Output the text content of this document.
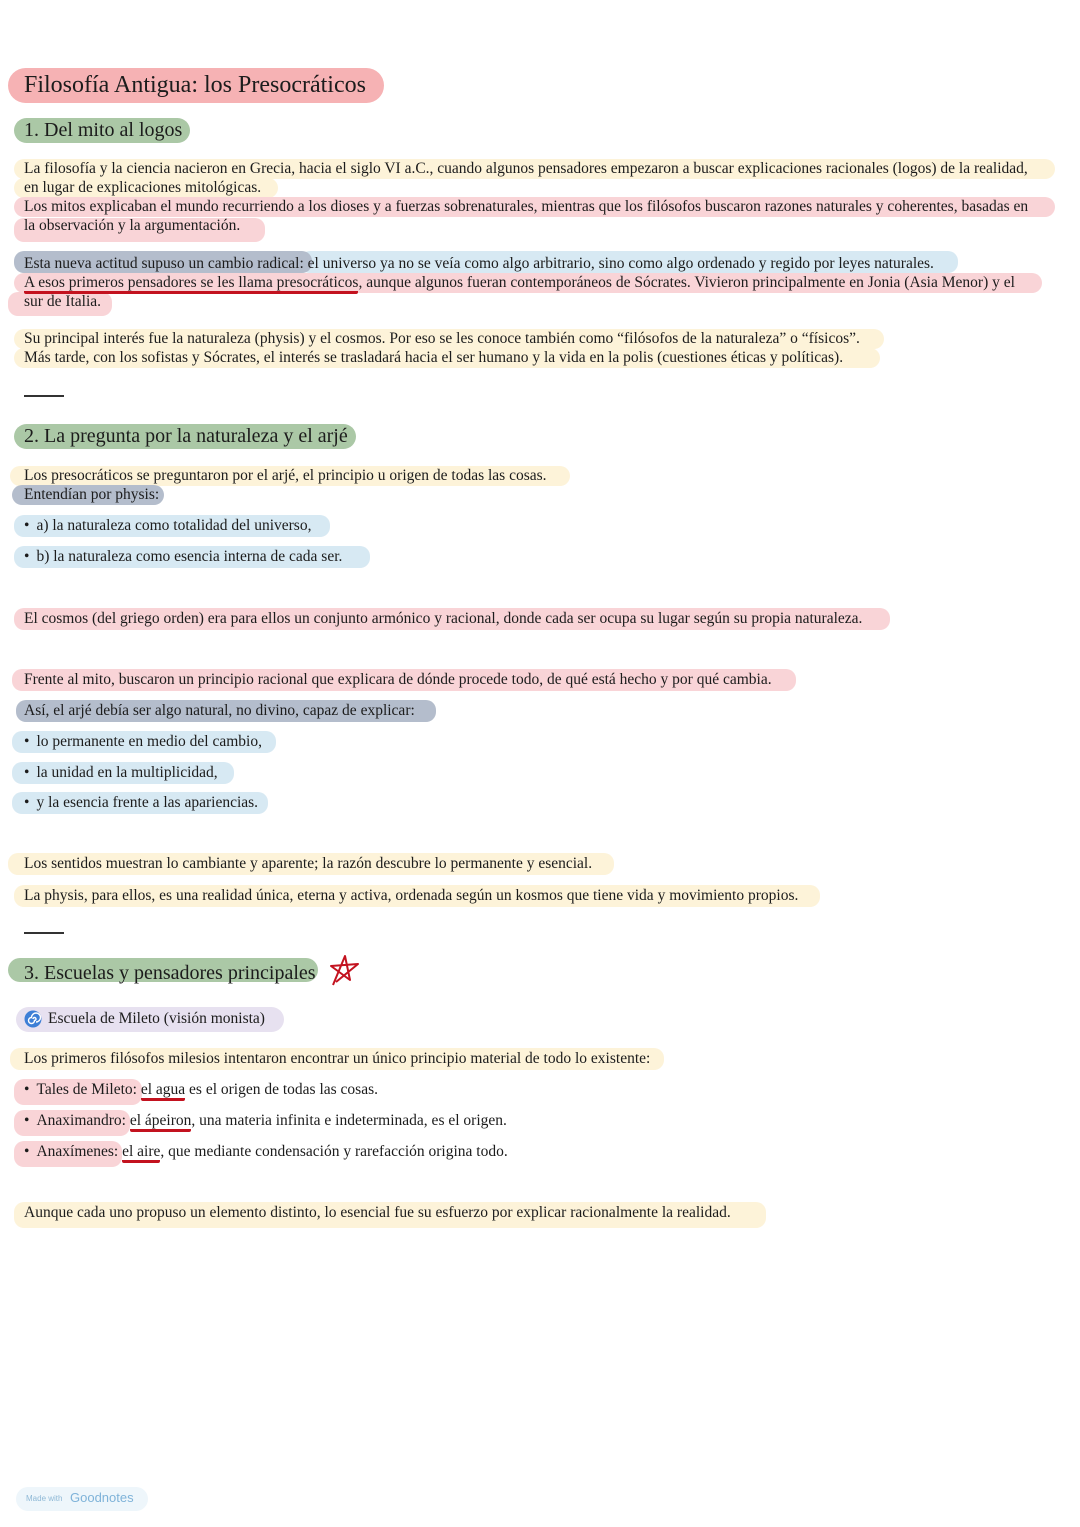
Filosofía Antigua: los Presocráticos
1. Del mito al logos
La filosofía y la ciencia nacieron en Grecia, hacia el siglo VI a.C., cuando algunos pensadores empezaron a buscar explicaciones racionales (logos) de la realidad,
en lugar de explicaciones mitológicas.
Los mitos explicaban el mundo recurriendo a los dioses y a fuerzas sobrenaturales, mientras que los filósofos buscaron razones naturales y coherentes, basadas en
la observación y la argumentación.
Esta nueva actitud supuso un cambio radical: el universo ya no se veía como algo arbitrario, sino como algo ordenado y regido por leyes naturales.
A esos primeros pensadores se les llama presocráticos, aunque algunos fueran contemporáneos de Sócrates. Vivieron principalmente en Jonia (Asia Menor) y el
sur de Italia.
Su principal interés fue la naturaleza (physis) y el cosmos. Por eso se les conoce también como “filósofos de la naturaleza” o “físicos”.
Más tarde, con los sofistas y Sócrates, el interés se trasladará hacia el ser humano y la vida en la polis (cuestiones éticas y políticas).
2. La pregunta por la naturaleza y el arjé
Los presocráticos se preguntaron por el arjé, el principio u origen de todas las cosas.
Entendían por physis:
• a) la naturaleza como totalidad del universo,
• b) la naturaleza como esencia interna de cada ser.
El cosmos (del griego orden) era para ellos un conjunto armónico y racional, donde cada ser ocupa su lugar según su propia naturaleza.
Frente al mito, buscaron un principio racional que explicara de dónde procede todo, de qué está hecho y por qué cambia.
Así, el arjé debía ser algo natural, no divino, capaz de explicar:
• lo permanente en medio del cambio,
• la unidad en la multiplicidad,
• y la esencia frente a las apariencias.
Los sentidos muestran lo cambiante y aparente; la razón descubre lo permanente y esencial.
La physis, para ellos, es una realidad única, eterna y activa, ordenada según un kosmos que tiene vida y movimiento propios.
3. Escuelas y pensadores principales
Escuela de Mileto (visión monista)
Los primeros filósofos milesios intentaron encontrar un único principio material de todo lo existente:
• Tales de Mileto: el agua es el origen de todas las cosas.
• Anaximandro: el ápeiron, una materia infinita e indeterminada, es el origen.
• Anaxímenes: el aire, que mediante condensación y rarefacción origina todo.
Aunque cada uno propuso un elemento distinto, lo esencial fue su esfuerzo por explicar racionalmente la realidad.
Made with Goodnotes
